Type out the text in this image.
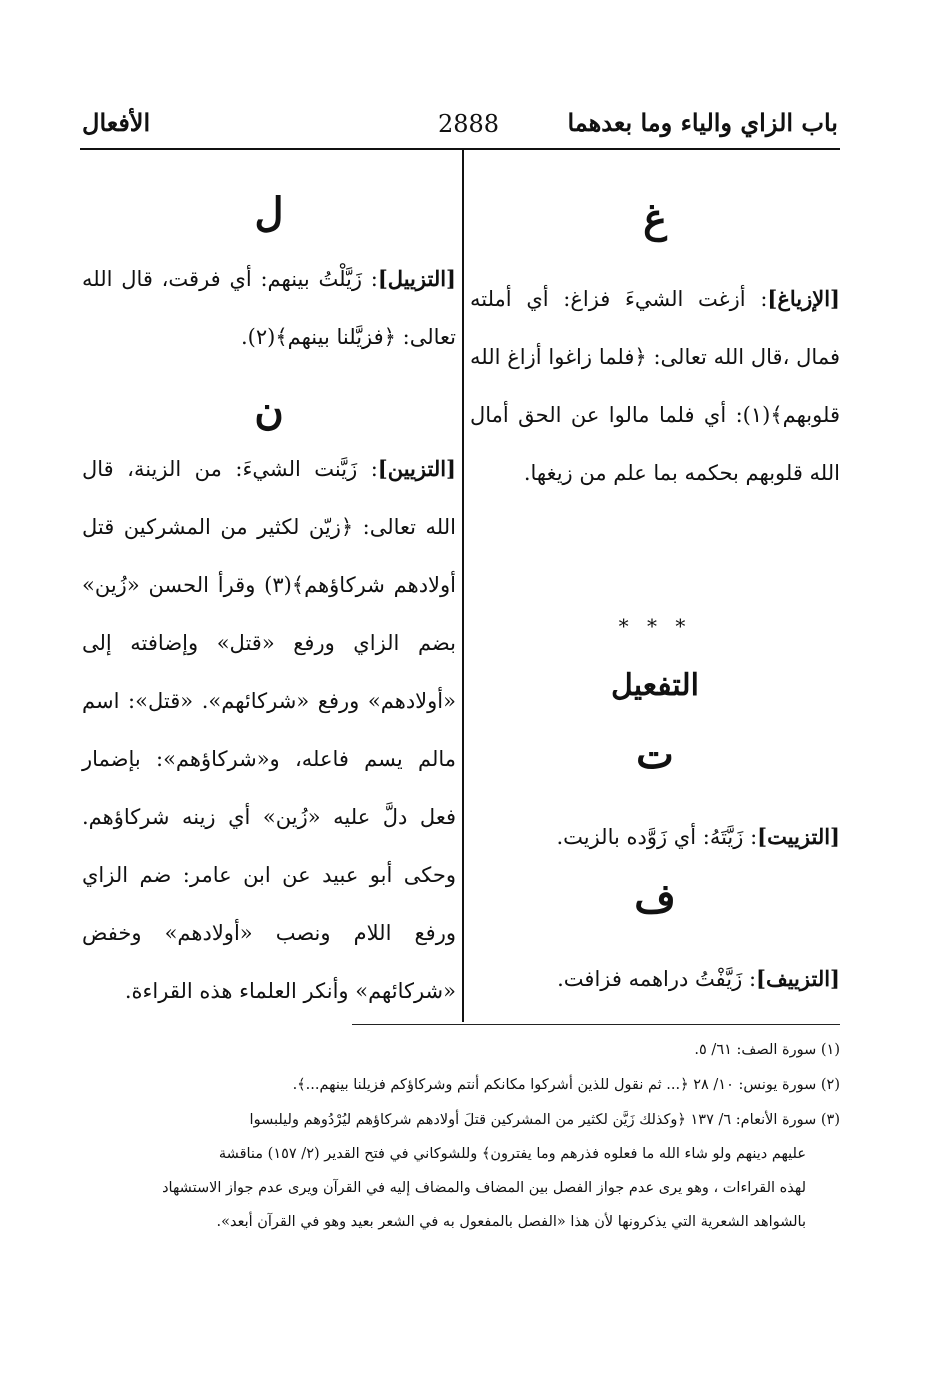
باب الزاي والياء وما بعدهما
2888
الأفعال
غ
[الإزياغ]: أزغت الشيءَ فزاغ: أي أملته فمال ،قال الله تعالى: ﴿فلما زاغوا أزاغ الله قلوبهم﴾(١): أي فلما مالوا عن الحق أمال الله قلوبهم بحكمه بما علم من زيغها.
* * *
التفعيل
ت
[التزييت]: زَيَّتَهُ: أي زَوَّده بالزيت.
ف
[التزييف]: زَيَّفْتُ دراهمه فزافت.
ل
[التزييل]: زَيَّلْتُ بينهم: أي فرقت، قال الله تعالى: ﴿فزيَّلنا بينهم﴾(٢).
ن
[التزيين]: زَيَّنت الشيءَ: من الزينة، قال الله تعالى: ﴿زيّن لكثير من المشركين قتل أولادهم شركاؤهم﴾(٣) وقرأ الحسن «زُين» بضم الزاي ورفع «قتل» وإضافته إلى «أولادهم» ورفع «شركائهم». «قتل»: اسم مالم يسم فاعله، و«شركاؤهم»: بإضمار فعل دلَّ عليه «زُين» أي زينه شركاؤهم. وحكى أبو عبيد عن ابن عامر: ضم الزاي ورفع اللام ونصب «أولادهم» وخفض «شركائهم» وأنكر العلماء هذه القراءة.
(١) سورة الصف: ٦١/ ٥.
(٢) سورة يونس: ١٠/ ٢٨ ﴿... ثم نقول للذين أشركوا مكانكم أنتم وشركاؤكم فزيلنا بينهم...﴾.
(٣) سورة الأنعام: ٦/ ١٣٧ ﴿وكذلك زَيَّن لكثير من المشركين قتلَ أولادهم شركاؤهم ليُرْدُوهم وليلبسوا
عليهم دينهم ولو شاء الله ما فعلوه فذرهم وما يفترون﴾ وللشوكاني في فتح القدير (٢/ ١٥٧) مناقشة
لهذه القراءات ، وهو يرى عدم جواز الفصل بين المضاف والمضاف إليه في القرآن ويرى عدم جواز الاستشهاد
بالشواهد الشعرية التي يذكرونها لأن هذا «الفصل بالمفعول به في الشعر بعيد وهو في القرآن أبعد».
